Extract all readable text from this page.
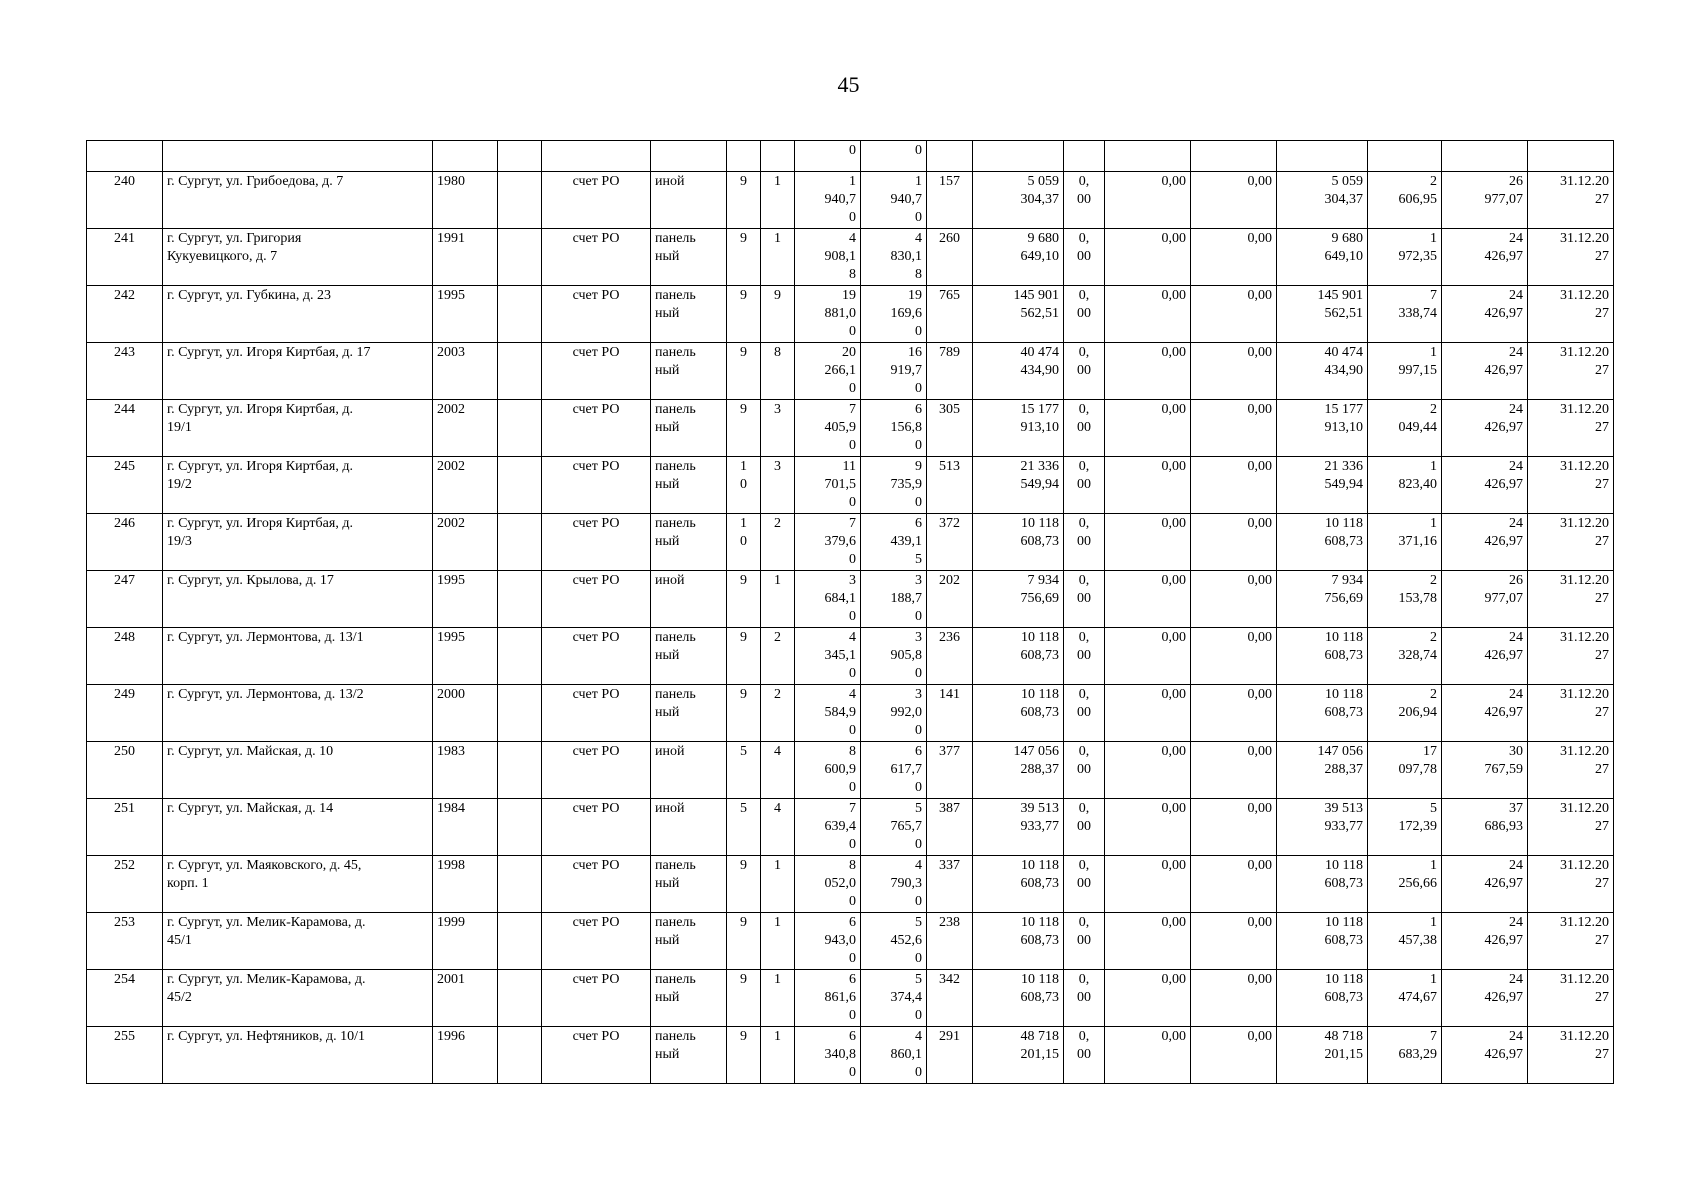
45
								0	0									
240	г. Сургут, ул. Грибоедова, д. 7	1980		счет РО	иной	9	1	1
940,7
0	1
940,7
0	157	5 059
304,37	0,
00	0,00	0,00	5 059
304,37	2
606,95	26
977,07	31.12.20
27
241	г. Сургут, ул. Григория
Кукуевицкого, д. 7	1991		счет РО	панель
ный	9	1	4
908,1
8	4
830,1
8	260	9 680
649,10	0,
00	0,00	0,00	9 680
649,10	1
972,35	24
426,97	31.12.20
27
242	г. Сургут, ул. Губкина, д. 23	1995		счет РО	панель
ный	9	9	19
881,0
0	19
169,6
0	765	145 901
562,51	0,
00	0,00	0,00	145 901
562,51	7
338,74	24
426,97	31.12.20
27
243	г. Сургут, ул. Игоря Киртбая, д. 17	2003		счет РО	панель
ный	9	8	20
266,1
0	16
919,7
0	789	40 474
434,90	0,
00	0,00	0,00	40 474
434,90	1
997,15	24
426,97	31.12.20
27
244	г. Сургут, ул. Игоря Киртбая, д.
19/1	2002		счет РО	панель
ный	9	3	7
405,9
0	6
156,8
0	305	15 177
913,10	0,
00	0,00	0,00	15 177
913,10	2
049,44	24
426,97	31.12.20
27
245	г. Сургут, ул. Игоря Киртбая, д.
19/2	2002		счет РО	панель
ный	1
0	3	11
701,5
0	9
735,9
0	513	21 336
549,94	0,
00	0,00	0,00	21 336
549,94	1
823,40	24
426,97	31.12.20
27
246	г. Сургут, ул. Игоря Киртбая, д.
19/3	2002		счет РО	панель
ный	1
0	2	7
379,6
0	6
439,1
5	372	10 118
608,73	0,
00	0,00	0,00	10 118
608,73	1
371,16	24
426,97	31.12.20
27
247	г. Сургут, ул. Крылова, д. 17	1995		счет РО	иной	9	1	3
684,1
0	3
188,7
0	202	7 934
756,69	0,
00	0,00	0,00	7 934
756,69	2
153,78	26
977,07	31.12.20
27
248	г. Сургут, ул. Лермонтова, д. 13/1	1995		счет РО	панель
ный	9	2	4
345,1
0	3
905,8
0	236	10 118
608,73	0,
00	0,00	0,00	10 118
608,73	2
328,74	24
426,97	31.12.20
27
249	г. Сургут, ул. Лермонтова, д. 13/2	2000		счет РО	панель
ный	9	2	4
584,9
0	3
992,0
0	141	10 118
608,73	0,
00	0,00	0,00	10 118
608,73	2
206,94	24
426,97	31.12.20
27
250	г. Сургут, ул. Майская, д. 10	1983		счет РО	иной	5	4	8
600,9
0	6
617,7
0	377	147 056
288,37	0,
00	0,00	0,00	147 056
288,37	17
097,78	30
767,59	31.12.20
27
251	г. Сургут, ул. Майская, д. 14	1984		счет РО	иной	5	4	7
639,4
0	5
765,7
0	387	39 513
933,77	0,
00	0,00	0,00	39 513
933,77	5
172,39	37
686,93	31.12.20
27
252	г. Сургут, ул. Маяковского, д. 45,
корп. 1	1998		счет РО	панель
ный	9	1	8
052,0
0	4
790,3
0	337	10 118
608,73	0,
00	0,00	0,00	10 118
608,73	1
256,66	24
426,97	31.12.20
27
253	г. Сургут, ул. Мелик-Карамова, д.
45/1	1999		счет РО	панель
ный	9	1	6
943,0
0	5
452,6
0	238	10 118
608,73	0,
00	0,00	0,00	10 118
608,73	1
457,38	24
426,97	31.12.20
27
254	г. Сургут, ул. Мелик-Карамова, д.
45/2	2001		счет РО	панель
ный	9	1	6
861,6
0	5
374,4
0	342	10 118
608,73	0,
00	0,00	0,00	10 118
608,73	1
474,67	24
426,97	31.12.20
27
255	г. Сургут, ул. Нефтяников, д. 10/1	1996		счет РО	панель
ный	9	1	6
340,8
0	4
860,1
0	291	48 718
201,15	0,
00	0,00	0,00	48 718
201,15	7
683,29	24
426,97	31.12.20
27
